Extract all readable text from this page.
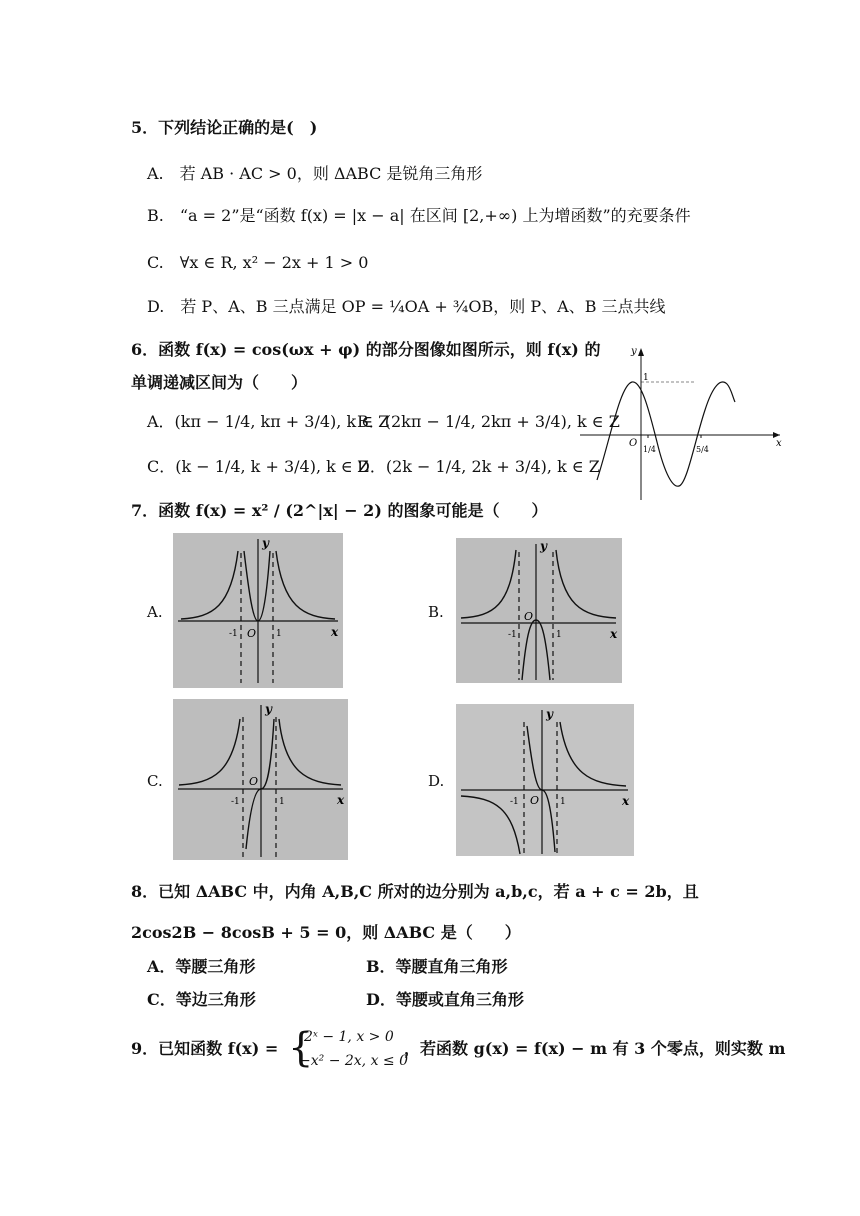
5．下列结论正确的是(　)
A.　若 AB · AC > 0，则 ΔABC 是锐角三角形
B.　“a = 2”是“函数 f(x) = |x − a| 在区间 [2,+∞) 上为增函数”的充要条件
C.　∀x ∈ R, x² − 2x + 1 > 0
D.　若 P、A、B 三点满足 OP = ¼OA + ¾OB，则 P、A、B 三点共线
6．函数 f(x) = cos(ωx + φ) 的部分图像如图所示，则 f(x) 的
单调递减区间为（　　）
A．(kπ − 1/4, kπ + 3/4), k ∈ Z
B．(2kπ − 1/4, 2kπ + 3/4), k ∈ Z
C．(k − 1/4, k + 3/4), k ∈ Z
D．(2k − 1/4, 2k + 3/4), k ∈ Z
y
x
O
1
1/4	5/4
7．函数 f(x) = x² / (2^|x| − 2) 的图象可能是（　　）
A.	B.
C.	D.
y
x
O
-1	1
y
x
O
-1	1
y
x
O
-1	1
y
x
O
-1	1
8．已知 ΔABC 中，内角 A,B,C 所对的边分别为 a,b,c，若 a + c = 2b，且
2cos2B − 8cosB + 5 = 0，则 ΔABC 是（　　）
A．等腰三角形	B．等腰直角三角形
C．等边三角形	D．等腰或直角三角形
9．已知函数 f(x) = {
2ˣ − 1, x > 0
−x² − 2x, x ≤ 0
，若函数 g(x) = f(x) − m 有 3 个零点，则实数 m
